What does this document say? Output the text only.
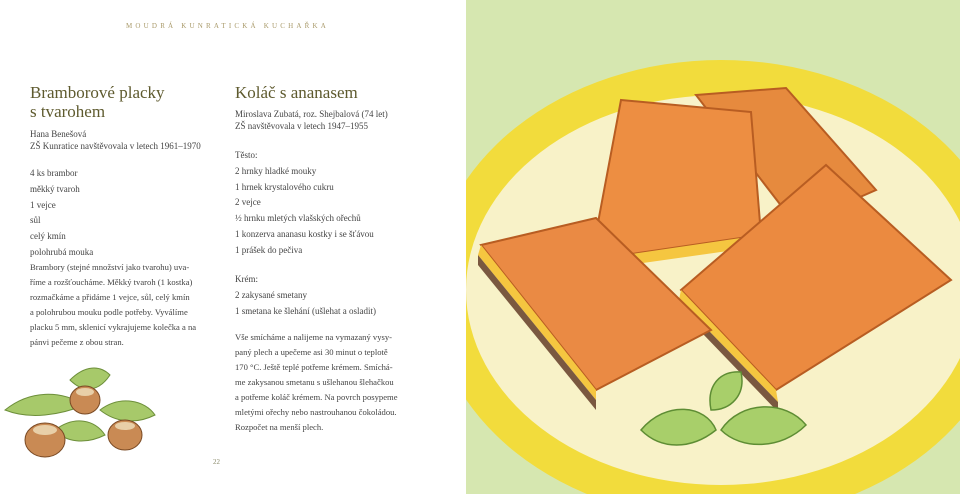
MOUDRÁ KUNRATICKÁ KUCHAŘKA
Bramborové placky
s tvarohem
Hana Benešová
ZŠ Kunratice navštěvovala v letech 1961–1970
4 ks brambor
měkký tvaroh
1 vejce
sůl
celý kmín
polohrubá mouka

Brambory (stejné množství jako tvarohu) uva-

říme a rozšťoucháme. Měkký tvaroh (1 kostka)

rozmačkáme a přidáme 1 vejce, sůl, celý kmín

a polohrubou mouku podle potřeby. Vyválíme

placku 5 mm, sklenicí vykrajujeme kolečka a na

pánvi pečeme z obou stran.

22
Koláč s ananasem
Miroslava Zubatá, roz. Shejbalová (74 let)
ZŠ navštěvovala v letech 1947–1955
Těsto:
2 hrnky hladké mouky
1 hrnek krystalového cukru
2 vejce
½ hrnku mletých vlašských ořechů
1 konzerva ananasu kostky i se šťávou
1 prášek do pečiva
Krém:
2 zakysané smetany
1 smetana ke šlehání (ušlehat a osladit)

Vše smícháme a nalijeme na vymazaný vysy-

paný plech a upečeme asi 30 minut o teplotě

170 °C. Ještě teplé potřeme krémem. Smíchá-

me zakysanou smetanu s ušlehanou šlehačkou

a potřeme koláč krémem. Na povrch posypeme

mletými ořechy nebo nastrouhanou čokoládou.

Rozpočet na menší plech.
